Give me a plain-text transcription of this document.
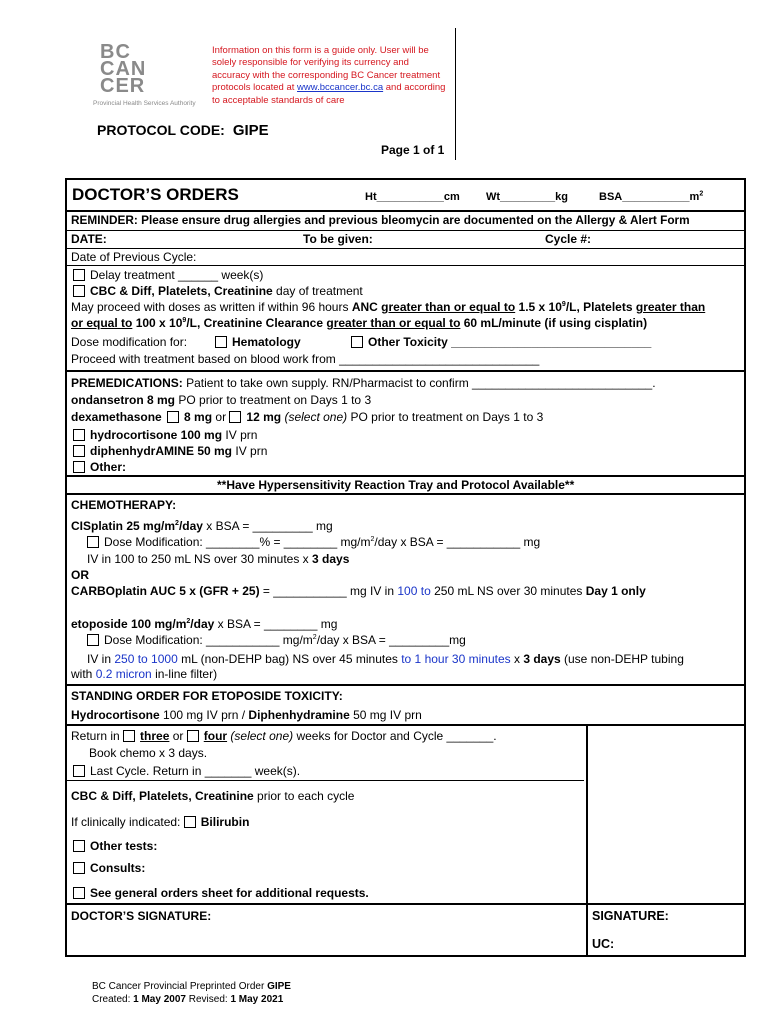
BC
CAN
CER
Provincial Health Services Authority
Information on this form is a guide only. User will be solely responsible for verifying its currency and accuracy with the corresponding BC Cancer treatment protocols located at www.bccancer.bc.ca and according to acceptable standards of care
PROTOCOL CODE: GIPE
Page 1 of 1
DOCTOR’S ORDERS	Ht___________cm Wt_________kg	$BSA\_\_\_\_\_\_\_\_\_\_\_m^2$
REMINDER: Please ensure drug allergies and previous bleomycin are documented on the Allergy & Alert Form
DATE:	To be given:	Cycle #:
Date of Previous Cycle:
Delay treatment ______ week(s)
CBC & Diff, Platelets, Creatinine day of treatment
May proceed with doses as written if within 96 hours ANC greater than or equal to 1.5 x $10^9/L$, Platelets greater than
or equal to 100 x $10^9/L$, Creatinine Clearance greater than or equal to 60 mL/minute (if using cisplatin)
Dose modification for:	Hematology	Other Toxicity ______________________________
Proceed with treatment based on blood work from ______________________________
PREMEDICATIONS: Patient to take own supply. RN/Pharmacist to confirm ___________________________.
ondansetron 8 mg PO prior to treatment on Days 1 to 3
dexamethasone 8 mg or 12 mg (select one) PO prior to treatment on Days 1 to 3
hydrocortisone 100 mg IV prn
diphenhydrAMINE 50 mg IV prn
Other:
**Have Hypersensitivity Reaction Tray and Protocol Available**
CHEMOTHERAPY:
CISplatin 25 $mg/m^2$/day x BSA = _________ mg
Dose Modification: ________% = ________ $mg/m^2$/day x BSA = ___________ mg
IV in 100 to 250 mL NS over 30 minutes x 3 days
OR
CARBOplatin AUC 5 x (GFR + 25) = ___________ mg IV in 100 to 250 mL NS over 30 minutes Day 1 only
etoposide 100 $mg/m^2$/day x BSA = ________ mg
Dose Modification: ___________ $mg/m^2$/day x BSA = _________mg
IV in 250 to 1000 mL (non-DEHP bag) NS over 45 minutes to 1 hour 30 minutes x 3 days (use non-DEHP tubing
with 0.2 micron in-line filter)
STANDING ORDER FOR ETOPOSIDE TOXICITY:
Hydrocortisone 100 mg IV prn / Diphenhydramine 50 mg IV prn
Return in three or four (select one) weeks for Doctor and Cycle _______.
Book chemo x 3 days.
Last Cycle. Return in _______ week(s).
CBC & Diff, Platelets, Creatinine prior to each cycle
If clinically indicated: Bilirubin
Other tests:
Consults:
See general orders sheet for additional requests.
DOCTOR’S SIGNATURE:	SIGNATURE:
UC:
BC Cancer Provincial Preprinted Order GIPE
Created: 1 May 2007 Revised: 1 May 2021
